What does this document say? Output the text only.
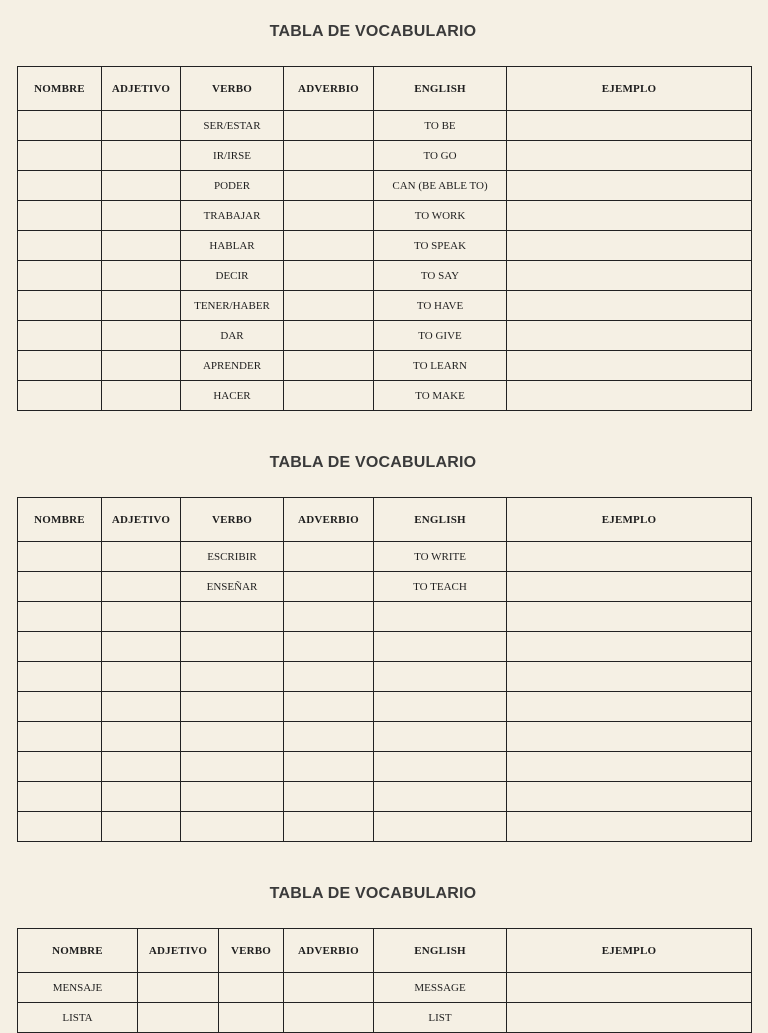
TABLA DE VOCABULARIO
NOMBRE	ADJETIVO	VERBO	ADVERBIO	ENGLISH	EJEMPLO
		SER/ESTAR		TO BE	
		IR/IRSE		TO GO	
		PODER		CAN (BE ABLE TO)	
		TRABAJAR		TO WORK	
		HABLAR		TO SPEAK	
		DECIR		TO SAY	
		TENER/HABER		TO HAVE	
		DAR		TO GIVE	
		APRENDER		TO LEARN	
		HACER		TO MAKE	
TABLA DE VOCABULARIO
NOMBRE	ADJETIVO	VERBO	ADVERBIO	ENGLISH	EJEMPLO
		ESCRIBIR		TO WRITE	
		ENSEÑAR		TO TEACH	

TABLA DE VOCABULARIO
NOMBRE	ADJETIVO	VERBO	ADVERBIO	ENGLISH	EJEMPLO
MENSAJE				MESSAGE	
LISTA				LIST	
